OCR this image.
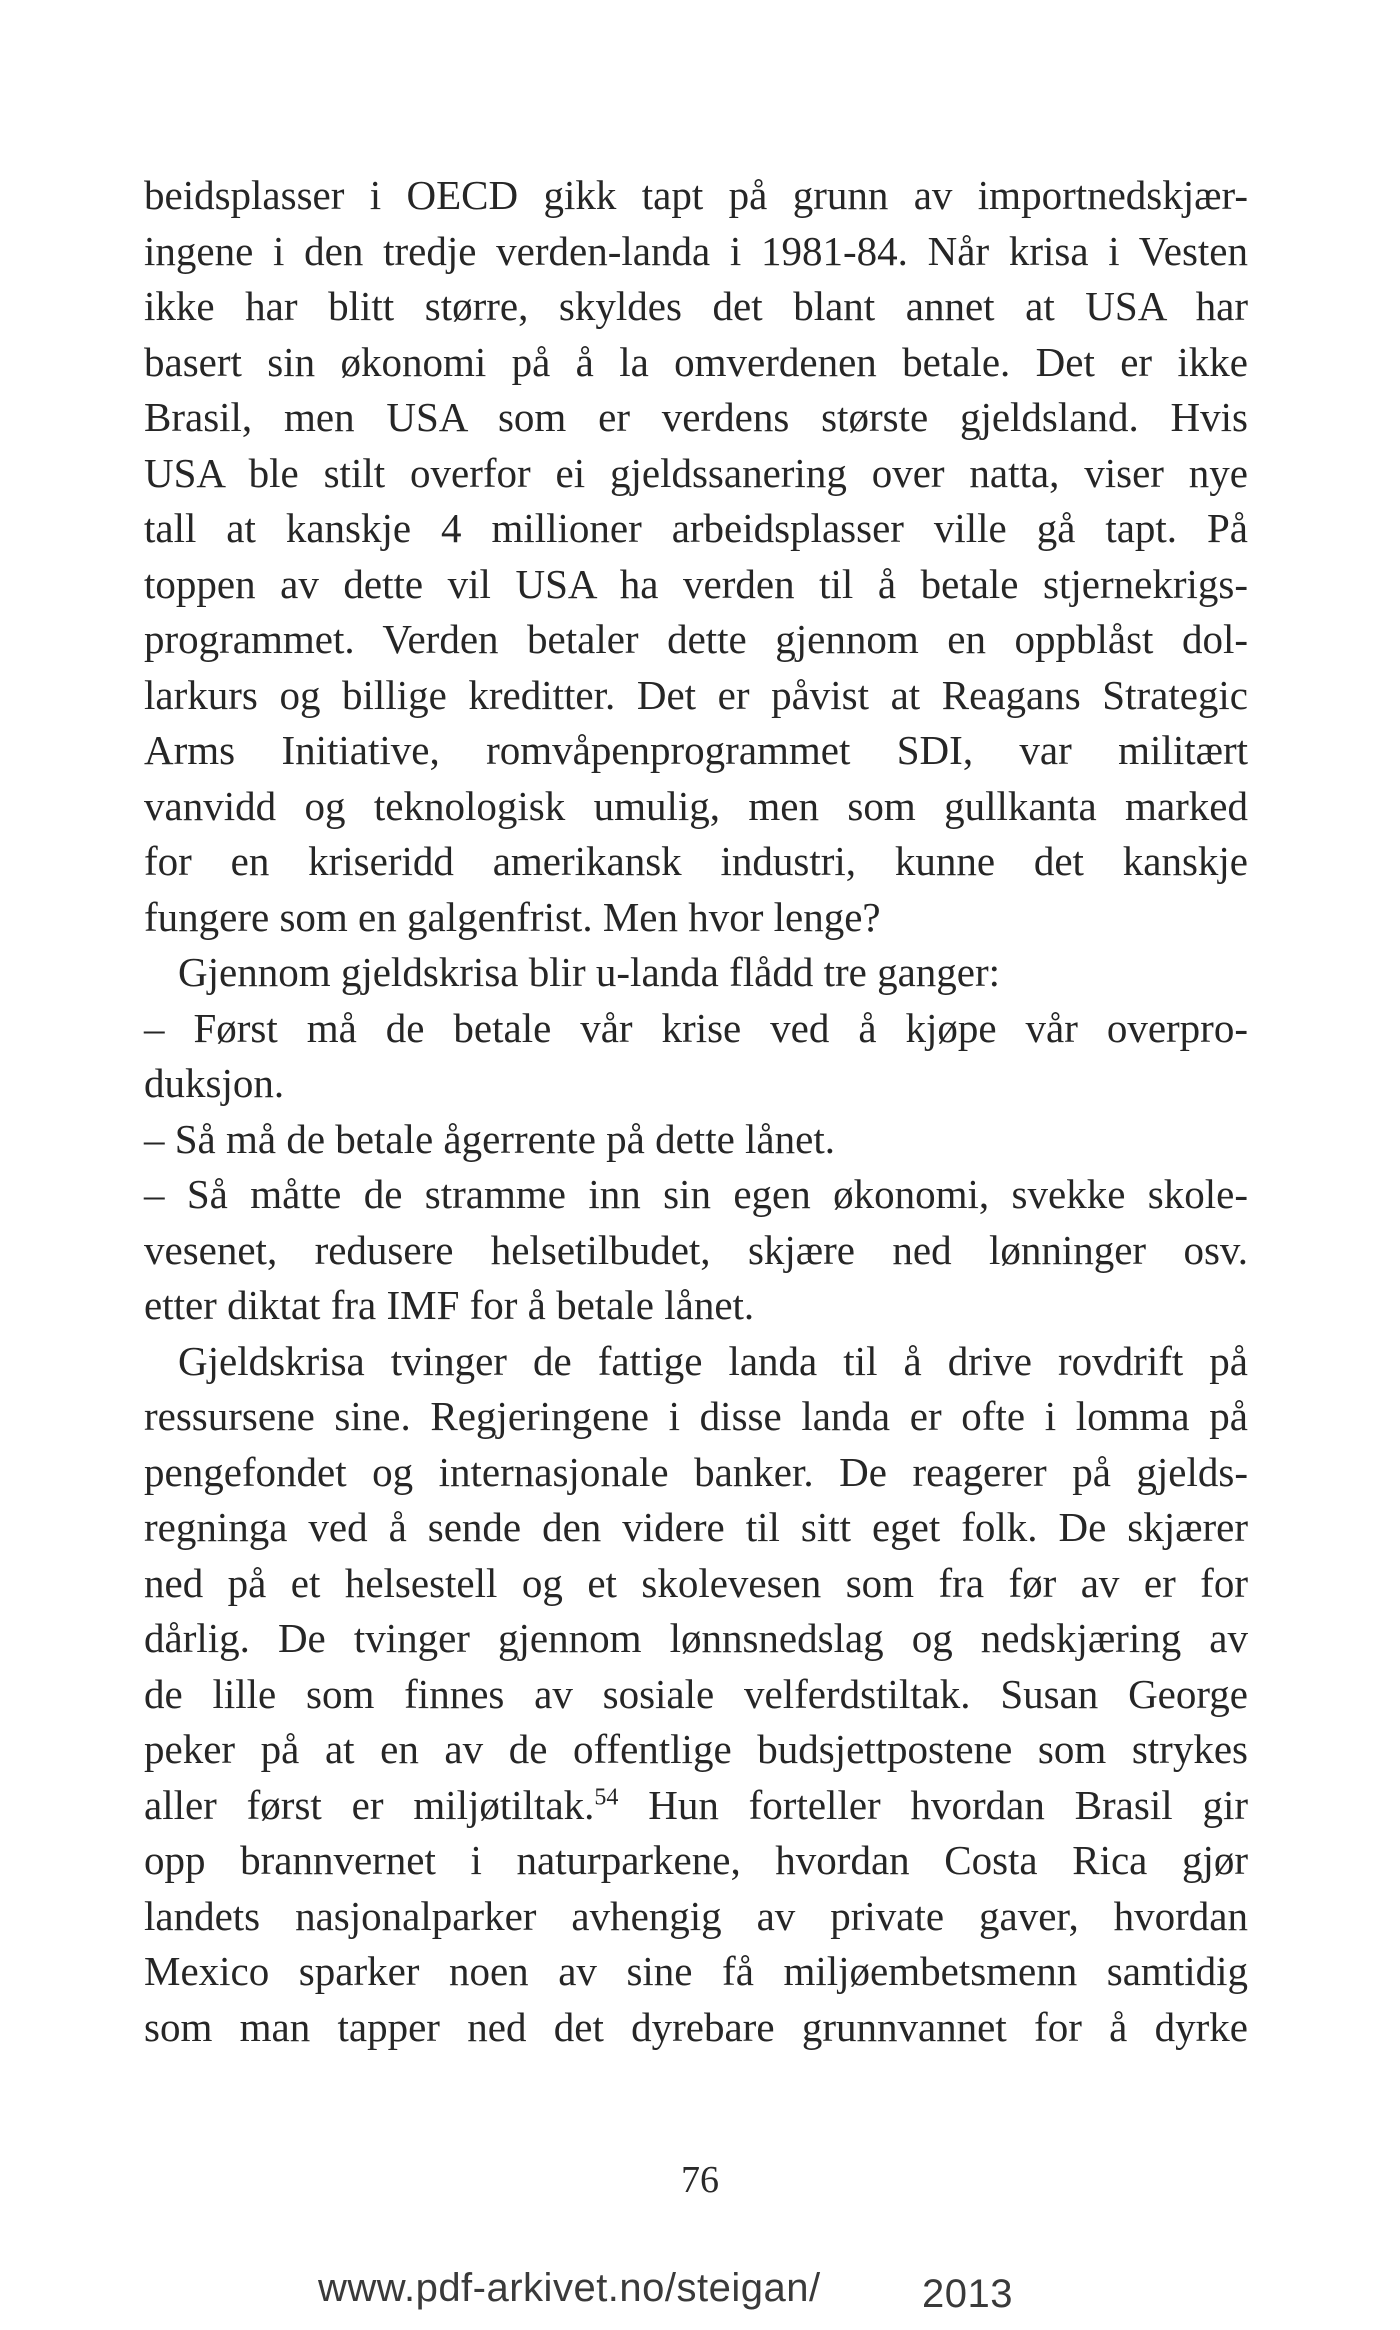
beidsplasser i OECD gikk tapt på grunn av importnedskjær-
ingene i den tredje verden-landa i 1981-84. Når krisa i Vesten
ikke har blitt større, skyldes det blant annet at USA har
basert sin økonomi på å la omverdenen betale. Det er ikke
Brasil, men USA som er verdens største gjeldsland. Hvis
USA ble stilt overfor ei gjeldssanering over natta, viser nye
tall at kanskje 4 millioner arbeidsplasser ville gå tapt. På
toppen av dette vil USA ha verden til å betale stjernekrigs-
programmet. Verden betaler dette gjennom en oppblåst dol-
larkurs og billige kreditter. Det er påvist at Reagans Strategic
Arms Initiative, romvåpenprogrammet SDI, var militært
vanvidd og teknologisk umulig, men som gullkanta marked
for en kriseridd amerikansk industri, kunne det kanskje
fungere som en galgenfrist. Men hvor lenge?
Gjennom gjeldskrisa blir u-landa flådd tre ganger:
– Først må de betale vår krise ved å kjøpe vår overpro-
duksjon.
– Så må de betale ågerrente på dette lånet.
– Så måtte de stramme inn sin egen økonomi, svekke skole-
vesenet, redusere helsetilbudet, skjære ned lønninger osv.
etter diktat fra IMF for å betale lånet.
Gjeldskrisa tvinger de fattige landa til å drive rovdrift på
ressursene sine. Regjeringene i disse landa er ofte i lomma på
pengefondet og internasjonale banker. De reagerer på gjelds-
regninga ved å sende den videre til sitt eget folk. De skjærer
ned på et helsestell og et skolevesen som fra før av er for
dårlig. De tvinger gjennom lønnsnedslag og nedskjæring av
de lille som finnes av sosiale velferdstiltak. Susan George
peker på at en av de offentlige budsjettpostene som strykes
aller først er miljøtiltak.$^{54}$ Hun forteller hvordan Brasil gir
opp brannvernet i naturparkene, hvordan Costa Rica gjør
landets nasjonalparker avhengig av private gaver, hvordan
Mexico sparker noen av sine få miljøembetsmenn samtidig
som man tapper ned det dyrebare grunnvannet for å dyrke
76
www.pdf-arkivet.no/steigan/	2013
